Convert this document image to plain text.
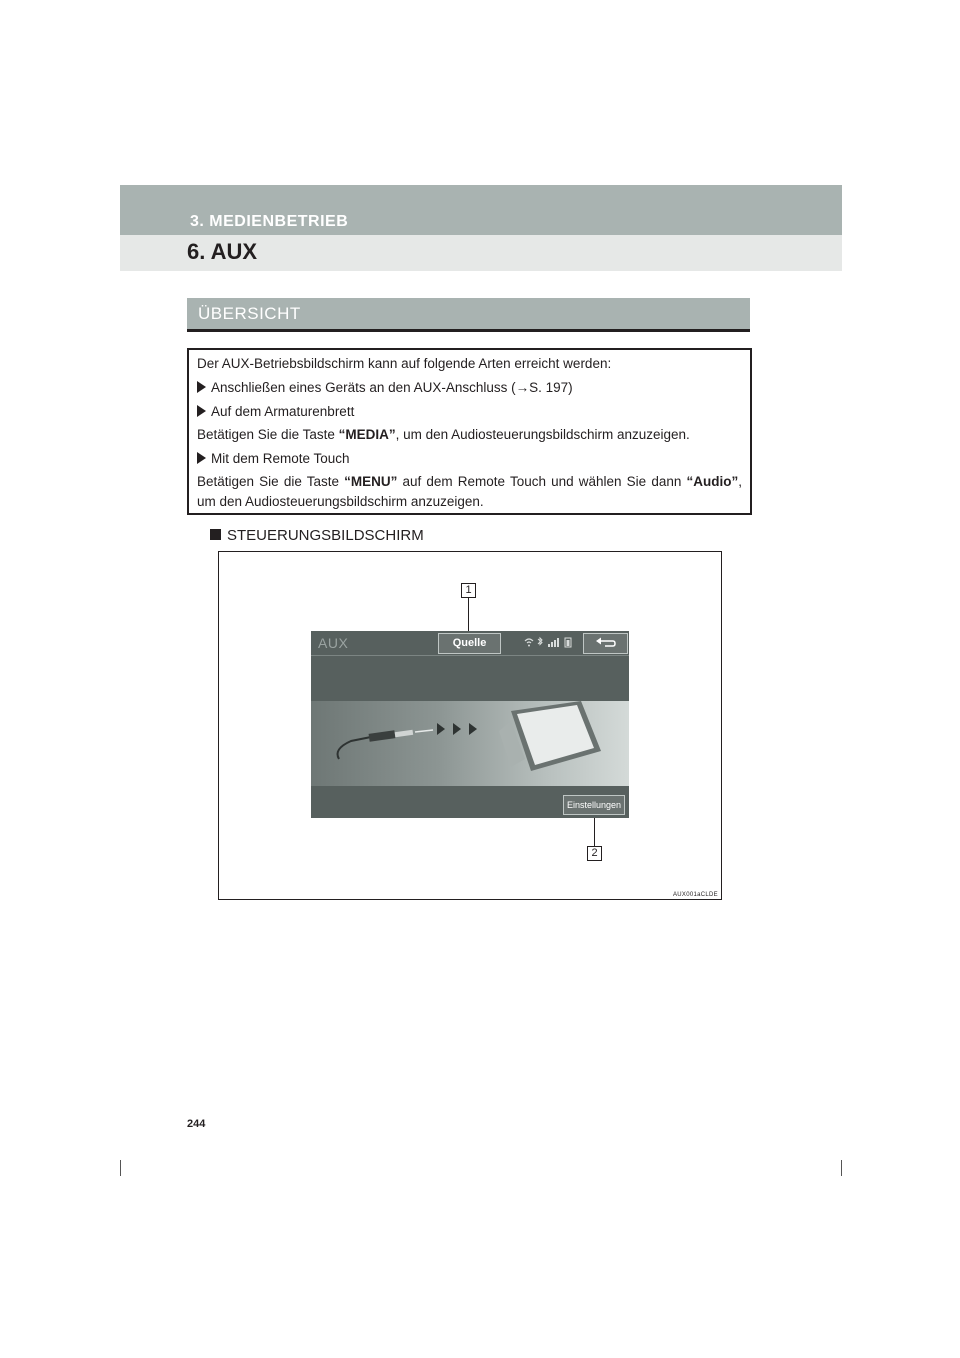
3. MEDIENBETRIEB
6. AUX
ÜBERSICHT
Der AUX-Betriebsbildschirm kann auf folgende Arten erreicht werden:
Anschließen eines Geräts an den AUX-Anschluss (→S. 197)
Auf dem Armaturenbrett
Betätigen Sie die Taste “MEDIA”, um den Audiosteuerungsbildschirm anzuzeigen.
Mit dem Remote Touch
Betätigen Sie die Taste “MENU” auf dem Remote Touch und wählen Sie dann “Audio”, um den Audiosteuerungsbildschirm anzuzeigen.
STEUERUNGSBILDSCHIRM
1
2
AUX	Quelle
Einstellungen
AUX001aCLDE
244
